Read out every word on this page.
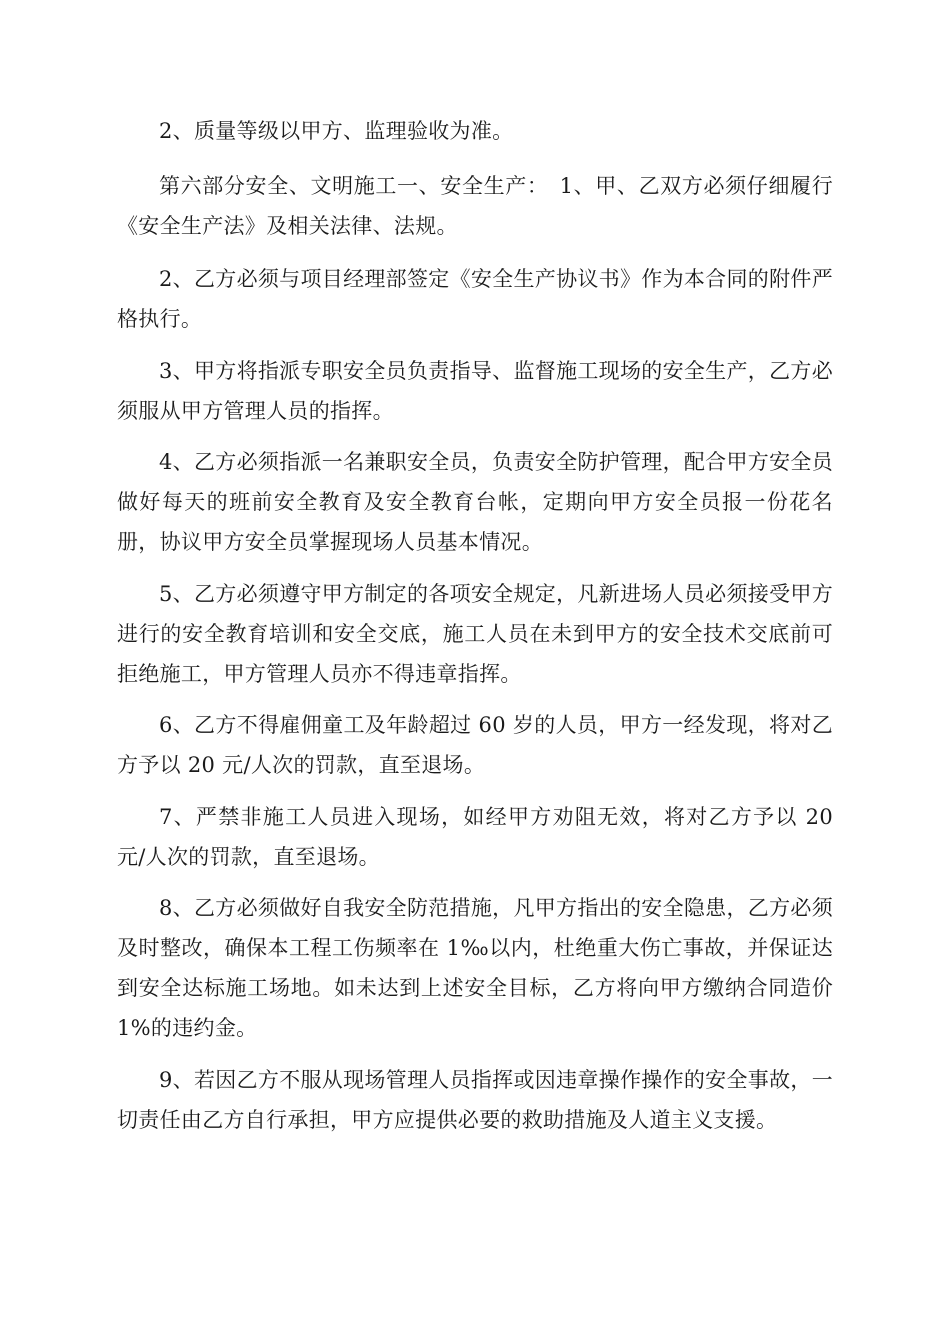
2、质量等级以甲方、监理验收为准。

第六部分安全、文明施工一、安全生产：　1、甲、乙双方必须仔细履行《安全生产法》及相关法律、法规。

2、乙方必须与项目经理部签定《安全生产协议书》作为本合同的附件严格执行。

3、甲方将指派专职安全员负责指导、监督施工现场的安全生产，乙方必须服从甲方管理人员的指挥。

4、乙方必须指派一名兼职安全员，负责安全防护管理，配合甲方安全员做好每天的班前安全教育及安全教育台帐，定期向甲方安全员报一份花名册，协议甲方安全员掌握现场人员基本情况。

5、乙方必须遵守甲方制定的各项安全规定，凡新进场人员必须接受甲方进行的安全教育培训和安全交底，施工人员在未到甲方的安全技术交底前可拒绝施工，甲方管理人员亦不得违章指挥。

6、乙方不得雇佣童工及年龄超过 60 岁的人员，甲方一经发现，将对乙方予以 20 元/人次的罚款，直至退场。

7、严禁非施工人员进入现场，如经甲方劝阻无效，将对乙方予以 20 元/人次的罚款，直至退场。

8、乙方必须做好自我安全防范措施，凡甲方指出的安全隐患，乙方必须及时整改，确保本工程工伤频率在 1‰以内，杜绝重大伤亡事故，并保证达到安全达标施工场地。如未达到上述安全目标，乙方将向甲方缴纳合同造价 1%的违约金。

9、若因乙方不服从现场管理人员指挥或因违章操作操作的安全事故，一切责任由乙方自行承担，甲方应提供必要的救助措施及人道主义支援。
